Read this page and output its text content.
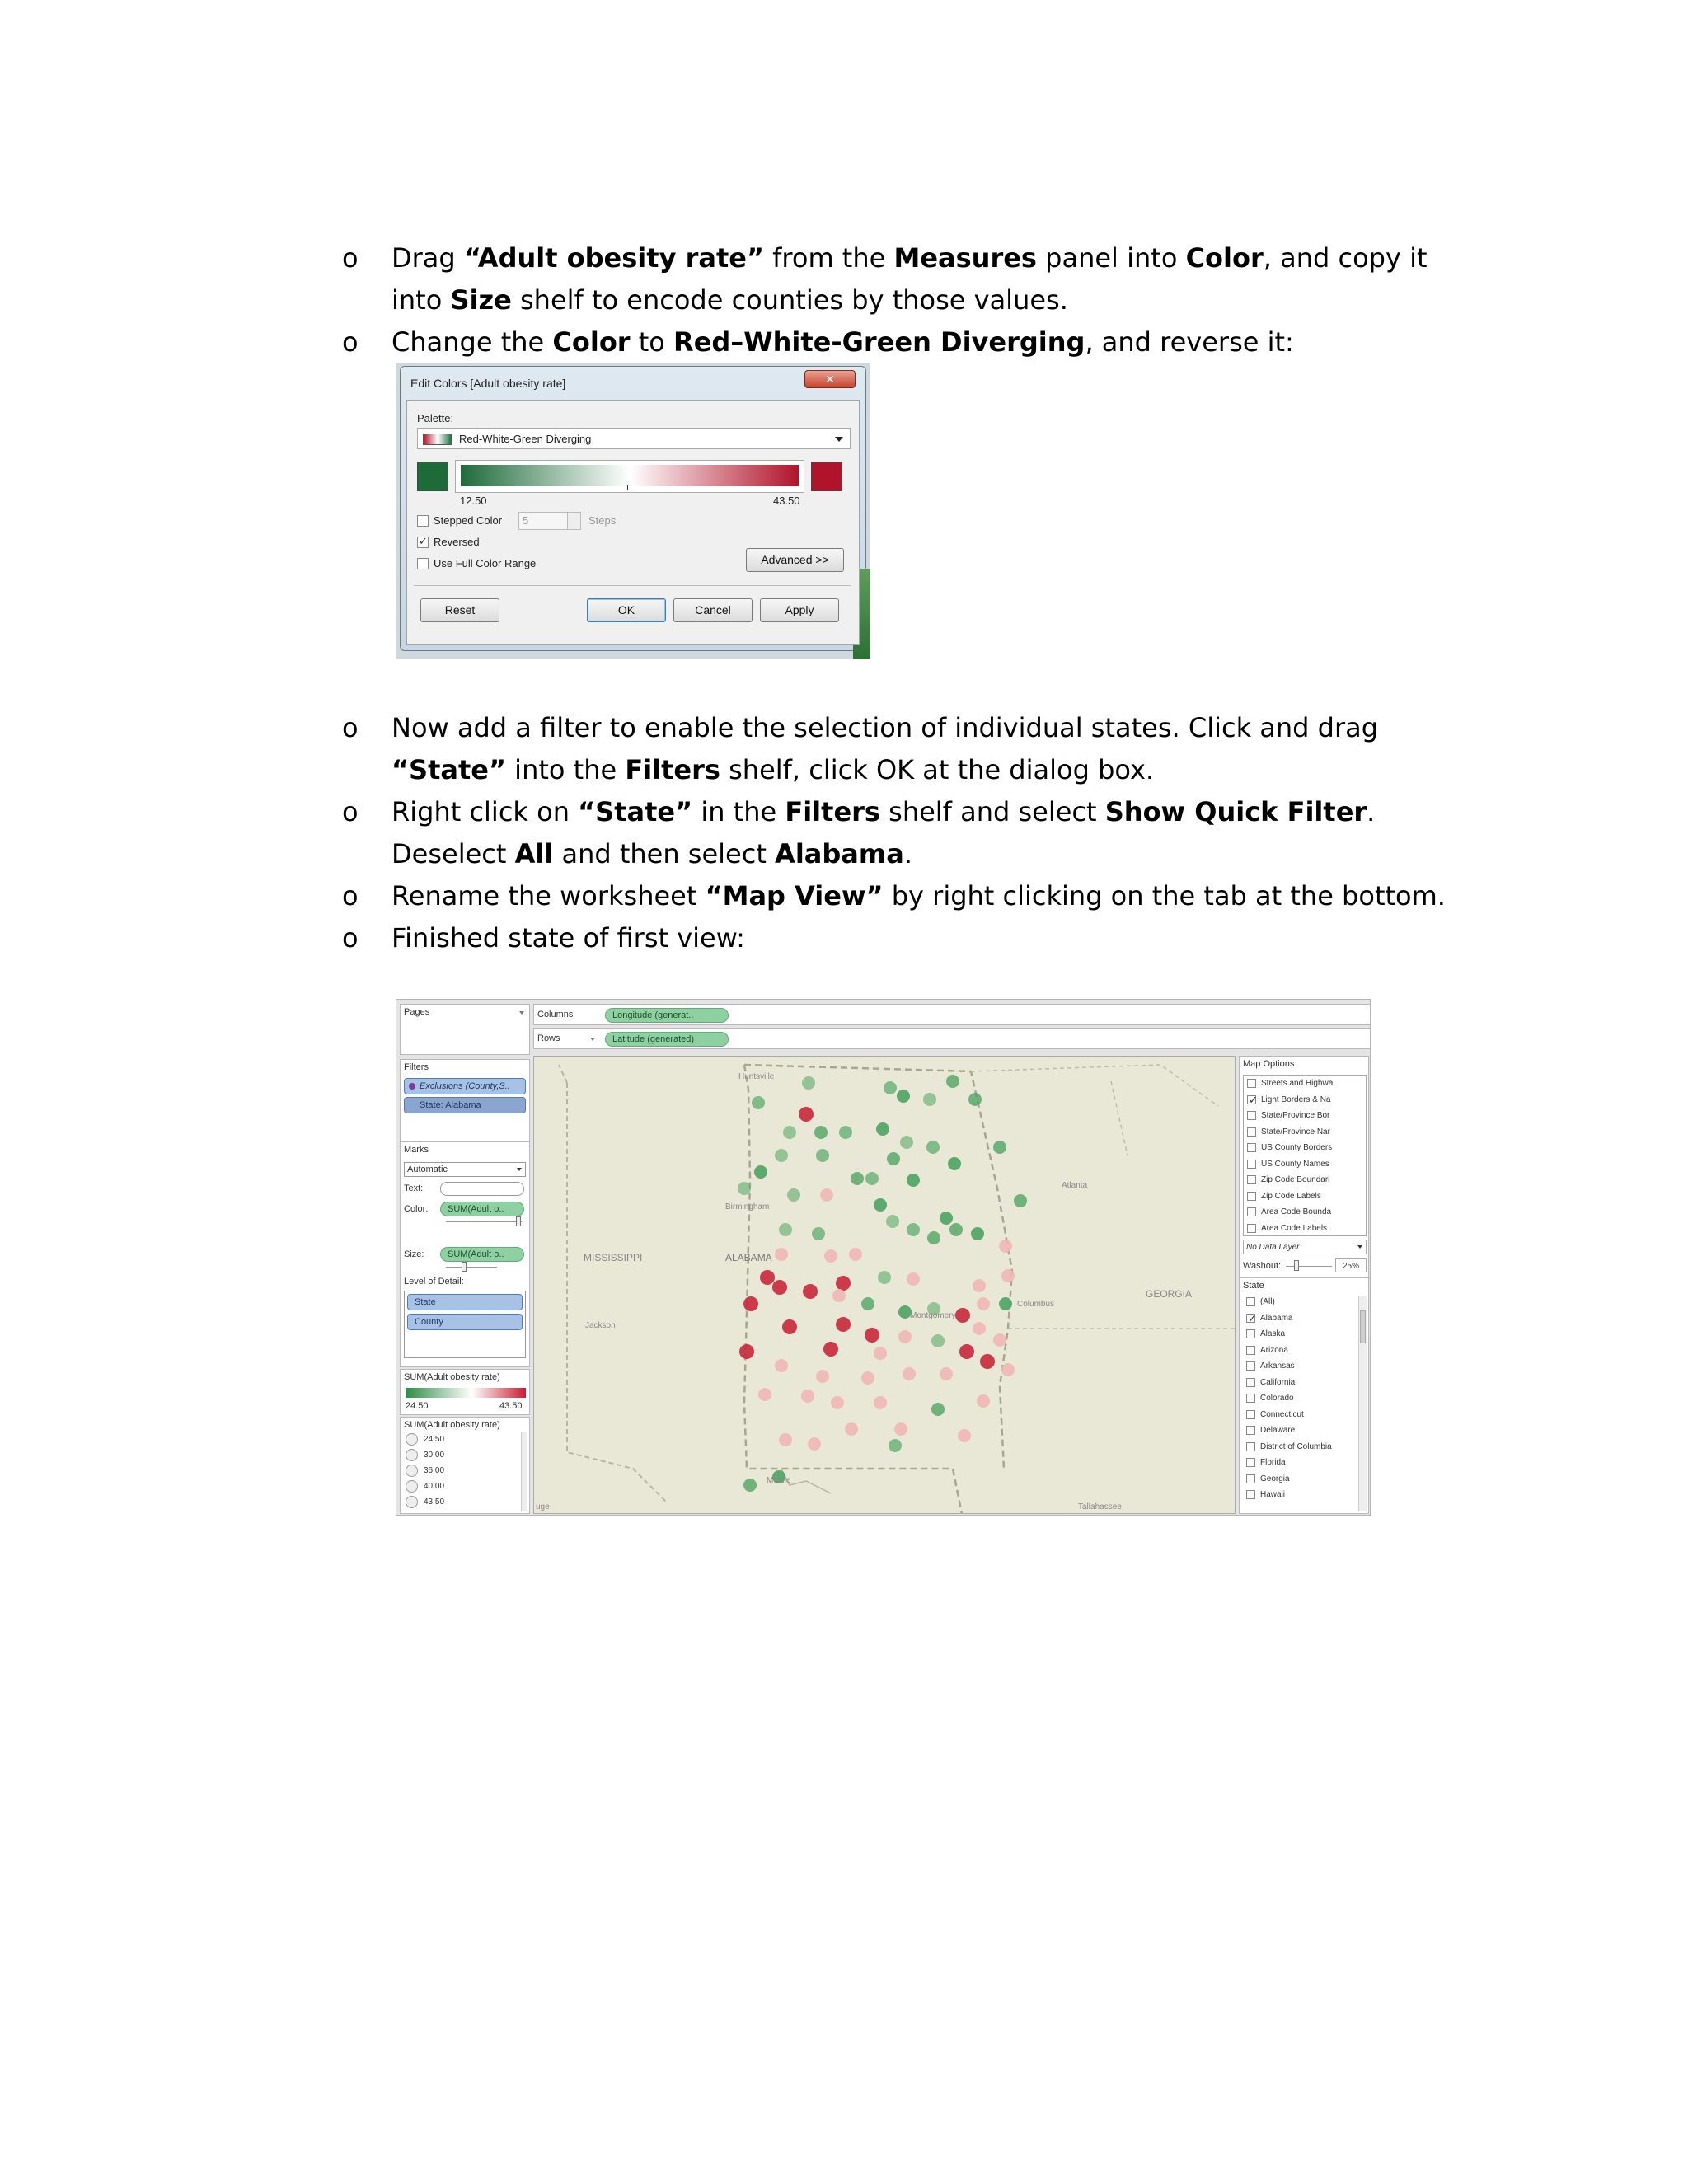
o Drag “Adult obesity rate” from the Measures panel into Color, and copy it into Size shelf to encode counties by those values.
o Change the Color to Red–White-Green Diverging, and reverse it:
Edit Colors [Adult obesity rate]	✕
Palette:
Red-White-Green Diverging
12.50	43.50
Stepped Color 5	Steps
✓
Reversed
Use Full Color Range	Advanced >>
Reset	OK	Cancel	Apply
o Now add a filter to enable the selection of individual states. Click and drag “State” into the Filters shelf, click OK at the dialog box.
o Right click on “State” in the Filters shelf and select Show Quick Filter. Deselect All and then select Alabama.
o Rename the worksheet “Map View” by right clicking on the tab at the bottom.
o Finished state of first view:
Pages
Filters
Exclusions (County,S..
State: Alabama
Marks
Automatic
Text:
Color:	SUM(Adult o..
Size:	SUM(Adult o..
Level of Detail:
State
County
SUM(Adult obesity rate)
24.50	43.50
SUM(Adult obesity rate)
24.50
30.00
36.00
40.00
43.50
Columns	Longitude (generat..
Rows	Latitude (generated)
Huntsville
Birmingham
ALABAMA
MISSISSIPPI
Jackson
Atlanta
GEORGIA
Columbus
Montgomery
Mobile
Tallahassee
uge
Map Options
Streets and Highwa
✓
Light Borders & Na
State/Province Bor
State/Province Nar
US County Borders
US County Names
Zip Code Boundari
Zip Code Labels
Area Code Bounda
Area Code Labels
No Data Layer
Washout:	25%
State
(All)
✓
Alabama
Alaska
Arizona
Arkansas
California
Colorado
Connecticut
Delaware
District of Columbia
Florida
Georgia
Hawaii
